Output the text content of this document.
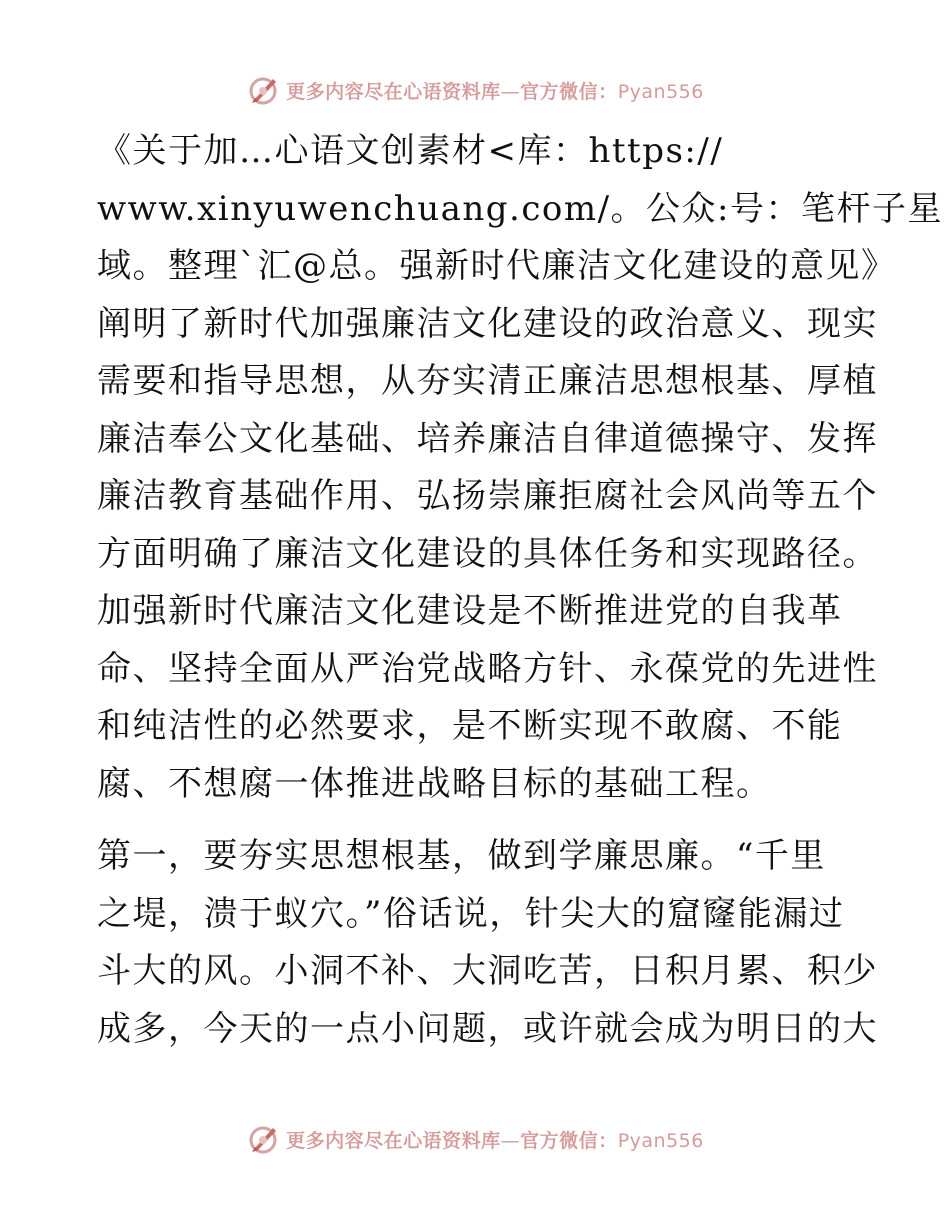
更多内容尽在心语资料库—官方微信：Pyan556

《关于加…心语文创素材<库：https://
www.xinyuwenchuang.com/。公众:号：笔杆子星
域。整理`汇@总。强新时代廉洁文化建设的意见》
阐明了新时代加强廉洁文化建设的政治意义、现实
需要和指导思想，从夯实清正廉洁思想根基、厚植
廉洁奉公文化基础、培养廉洁自律道德操守、发挥
廉洁教育基础作用、弘扬崇廉拒腐社会风尚等五个
方面明确了廉洁文化建设的具体任务和实现路径。
加强新时代廉洁文化建设是不断推进党的自我革
命、坚持全面从严治党战略方针、永葆党的先进性
和纯洁性的必然要求，是不断实现不敢腐、不能
腐、不想腐一体推进战略目标的基础工程。

第一，要夯实思想根基，做到学廉思廉。“千里
之堤，溃于蚁穴。”俗话说，针尖大的窟窿能漏过
斗大的风。小洞不补、大洞吃苦，日积月累、积少
成多，今天的一点小问题，或许就会成为明日的大

更多内容尽在心语资料库—官方微信：Pyan556
